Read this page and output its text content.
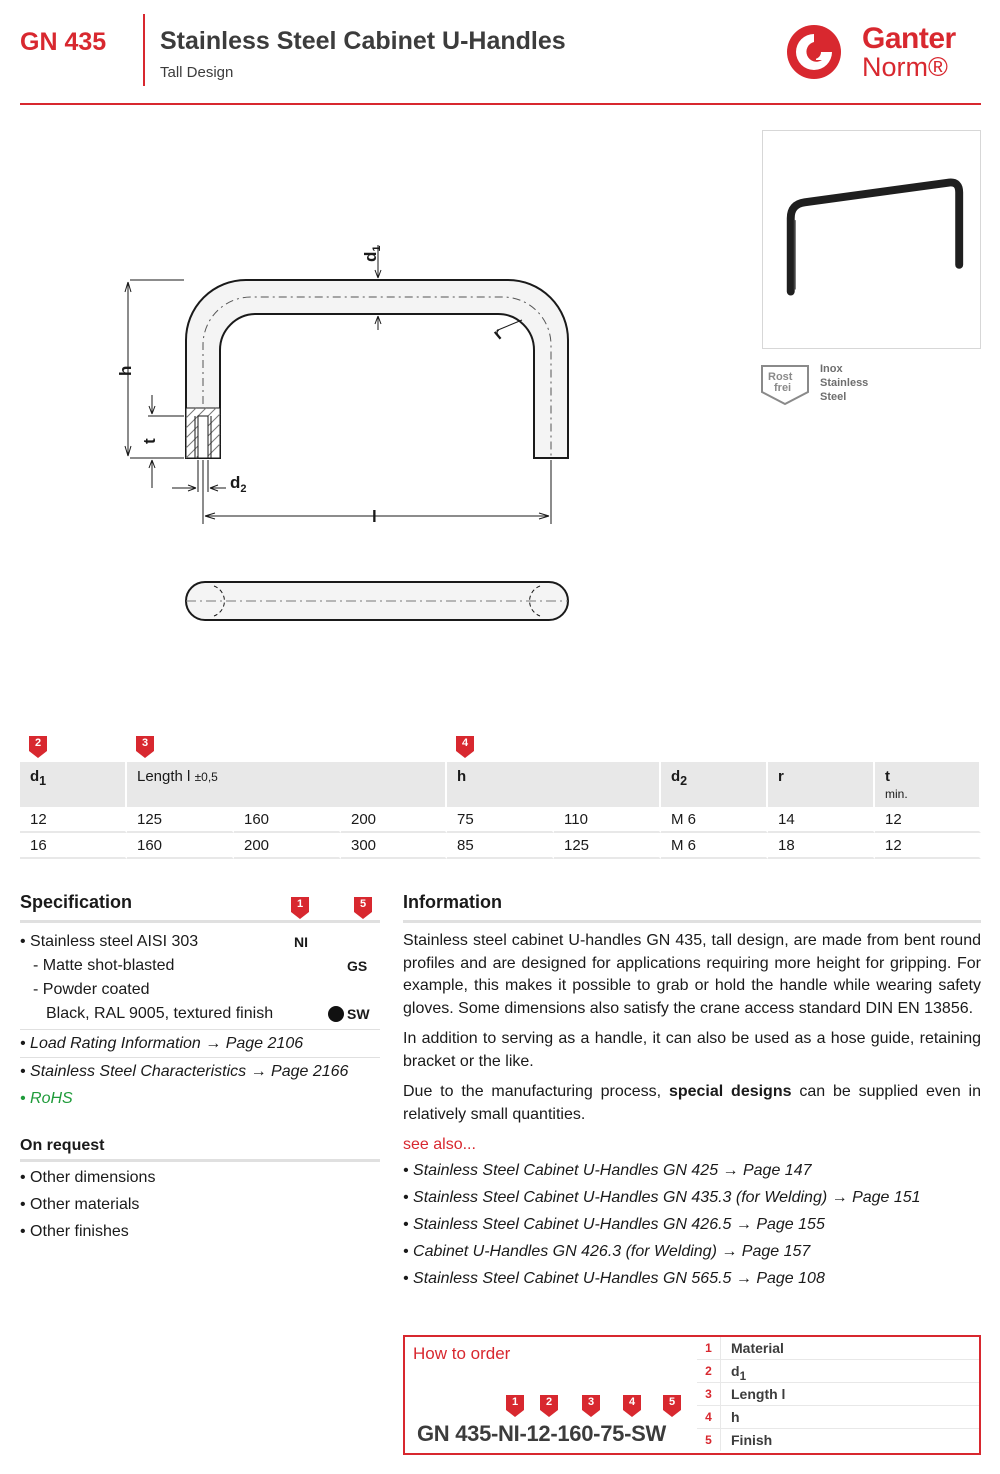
GN 435 Stainless Steel Cabinet U-Handles
Tall Design
Ganter
Norm®
h
t
$d_1$
r
$d_2$
l
Rost
frei
Inox
Stainless
Steel
2	3	4
$d_1$	Length l ±0,5			h		$d_2$	r	t
min.

12	125	160	200	75	110	M 6	14	12
16	160	200	300	85	125	M 6	18	12
Specification	1	5
• Stainless steel AISI 303	NI
- Matte shot-blasted	GS
- Powder coated
Black, RAL 9005, textured finish	SW
• Load Rating Information → Page 2106
• Stainless Steel Characteristics → Page 2166
• RoHS
On request
• Other dimensions
• Other materials
• Other finishes
Information

Stainless steel cabinet U-handles GN 435, tall design, are made from bent round profiles and are designed for applications requiring more height for gripping. For example, this makes it possible to grab or hold the handle while wearing safety gloves. Some dimensions also satisfy the crane access standard DIN EN 13856.

In addition to serving as a handle, it can also be used as a hose guide, retaining bracket or the like.

Due to the manufacturing process, special designs can be supplied even in relatively small quantities.

see also...
• Stainless Steel Cabinet U-Handles GN 425 → Page 147
• Stainless Steel Cabinet U-Handles GN 435.3 (for Welding) → Page 151
• Stainless Steel Cabinet U-Handles GN 426.5 → Page 155
• Cabinet U-Handles GN 426.3 (for Welding) → Page 157
• Stainless Steel Cabinet U-Handles GN 565.5 → Page 108
How to order
1	2	3	4	5
GN 435-NI-12-160-75-SW
1	Material
2	$d_1$
3	Length l
4	h
5	Finish
